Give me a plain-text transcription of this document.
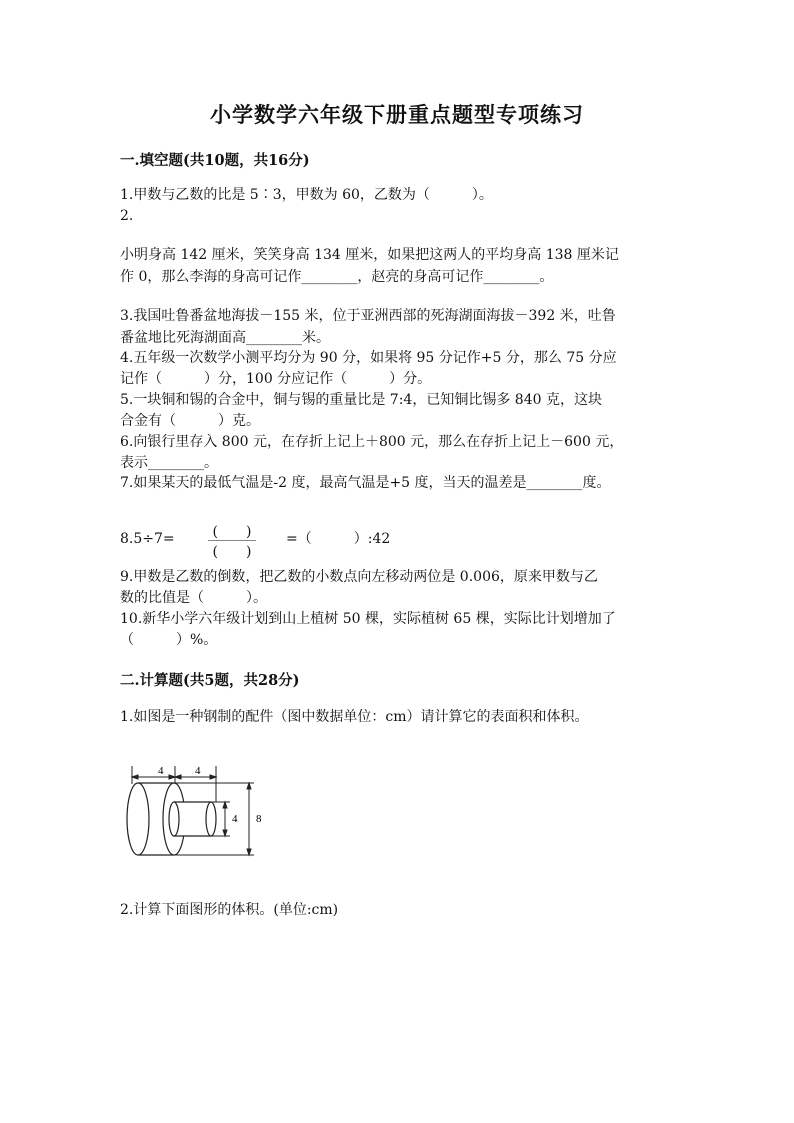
小学数学六年级下册重点题型专项练习
一.填空题(共10题，共16分)
1.甲数与乙数的比是 5∶3，甲数为 60，乙数为（　　　）。
2.
小明身高 142 厘米，笑笑身高 134 厘米，如果把这两人的平均身高 138 厘米记
作 0，那么李海的身高可记作________，赵亮的身高可记作________。
3.我国吐鲁番盆地海拔－155 米，位于亚洲西部的死海湖面海拔－392 米，吐鲁
番盆地比死海湖面高________米。
4.五年级一次数学小测平均分为 90 分，如果将 95 分记作+5 分，那么 75 分应
记作（　　　）分，100 分应记作（　　　）分。
5.一块铜和锡的合金中，铜与锡的重量比是 7:4，已知铜比锡多 840 克，这块
合金有（　　　）克。
6.向银行里存入 800 元，在存折上记上＋800 元，那么在存折上记上－600 元，
表示________。
7.如果某天的最低气温是-2 度，最高气温是+5 度，当天的温差是________度。
8.5÷7=	(　　)
(　　)
=（　　　）:42
9.甲数是乙数的倒数，把乙数的小数点向左移动两位是 0.006，原来甲数与乙
数的比值是（　　　）。
10.新华小学六年级计划到山上植树 50 棵，实际植树 65 棵，实际比计划增加了
（　　　）%。
二.计算题(共5题，共28分)
1.如图是一种钢制的配件（图中数据单位：cm）请计算它的表面积和体积。
4	4
4 8
2.计算下面图形的体积。(单位:cm)
